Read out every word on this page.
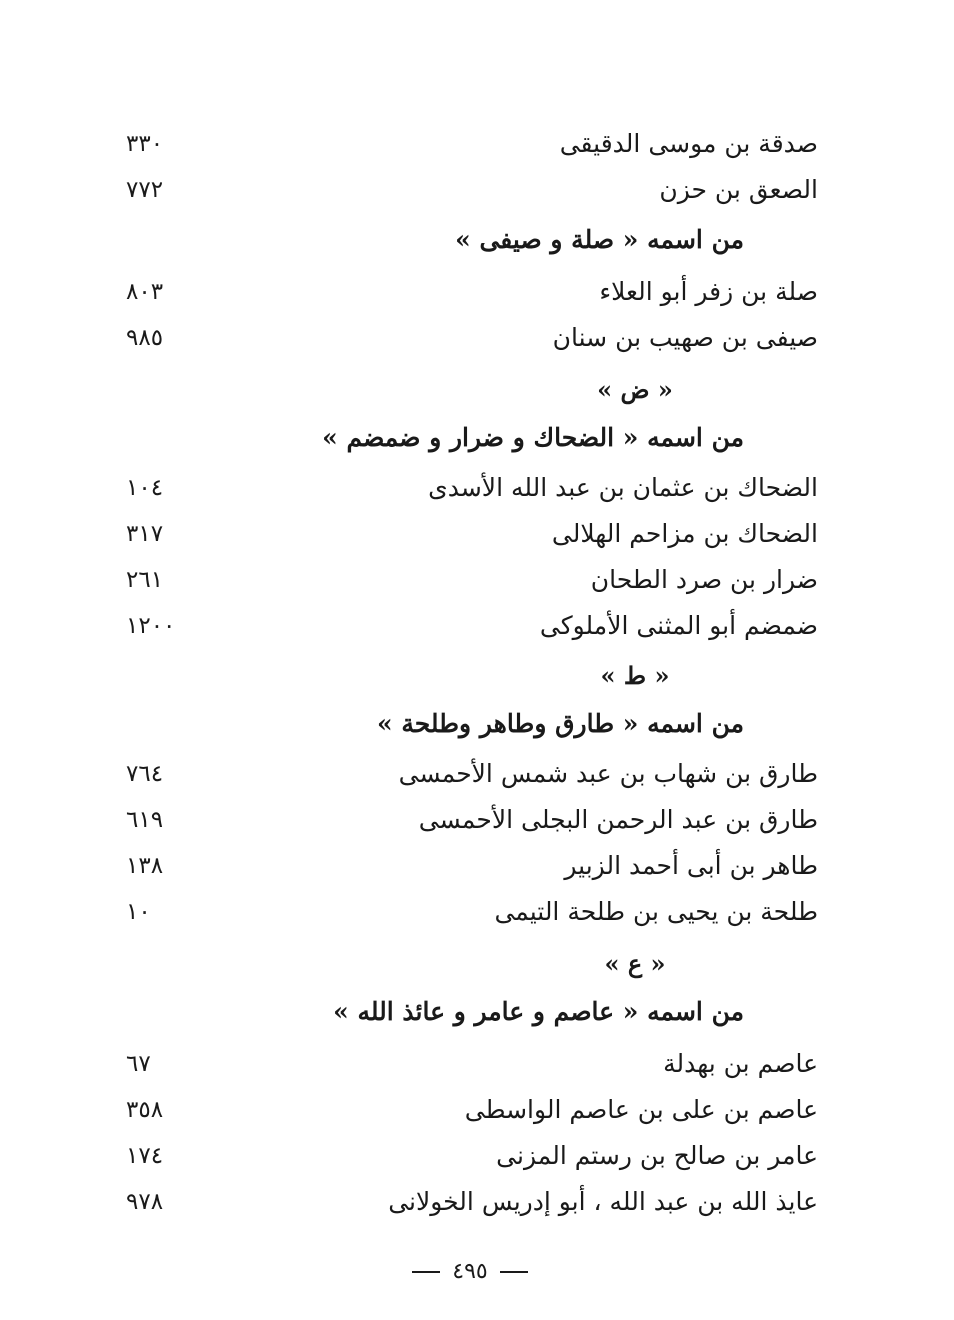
صدقة بن موسى الدقيقى
٣٣٠
الصعق بن حزن
٧٧٢
من اسمه « صلة و صيفى »
صلة بن زفر أبو العلاء
٨٠٣
صيفى بن صهيب بن سنان
٩٨٥
« ض »
من اسمه « الضحاك و ضرار و ضمضم »
الضحاك بن عثمان بن عبد الله الأسدى
١٠٤
الضحاك بن مزاحم الهلالى
٣١٧
ضرار بن صرد الطحان
٢٦١
ضمضم أبو المثنى الأملوكى
١٢٠٠
« ط »
من اسمه « طارق وطاهر وطلحة »
طارق بن شهاب بن عبد شمس الأحمسى
٧٦٤
طارق بن عبد الرحمن البجلى الأحمسى
٦١٩
طاهر بن أبى أحمد الزبير
١٣٨
طلحة بن يحيى بن طلحة التيمى
١٠
« ع »
من اسمه « عاصم و عامر و عائذ الله »
عاصم بن بهدلة
٦٧
عاصم بن على بن عاصم الواسطى
٣٥٨
عامر بن صالح بن رستم المزنى
١٧٤
عايذ الله بن عبد الله ، أبو إدريس الخولانى
٩٧٨
٤٩٥
